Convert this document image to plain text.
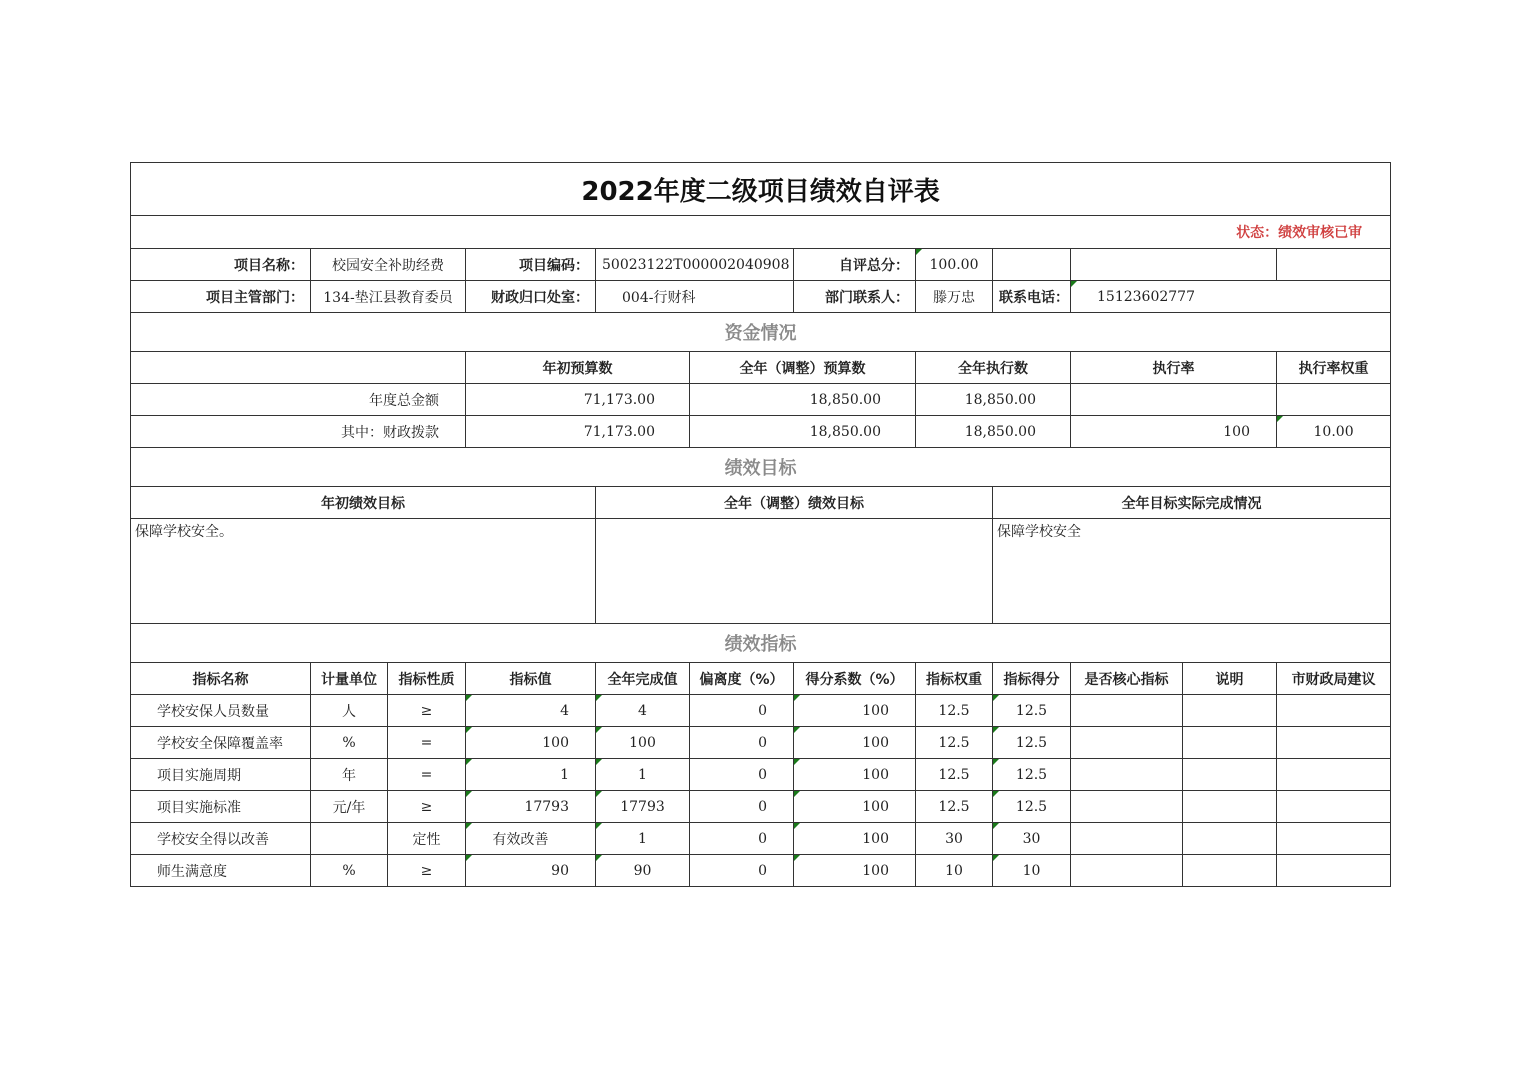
2022年度二级项目绩效自评表												
状态：绩效审核已审												
项目名称：	校园安全补助经费		项目编码：	50023122T000002040908		自评总分：	100.00					
项目主管部门：	134-垫江县教育委员		财政归口处室：	004-行财科		部门联系人：	滕万忠	联系电话：	15123602777			
资金情况												
			年初预算数		全年（调整）预算数		全年执行数		执行率		执行率权重	
年度总金额			71,173.00		18,850.00		18,850.00					
其中：财政拨款			71,173.00		18,850.00		18,850.00		100		10.00	
绩效目标												
年初绩效目标				全年（调整）绩效目标				全年目标实际完成情况				
保障学校安全。								保障学校安全				
绩效指标												
指标名称	计量单位	指标性质	指标值	全年完成值	偏离度（%）	得分系数（%）	指标权重	指标得分	是否核心指标	说明	市财政局建议	
学校安保人员数量	人	≥	4	4	0	100	12.5	12.5				
学校安全保障覆盖率	%	=	100	100	0	100	12.5	12.5				
项目实施周期	年	=	1	1	0	100	12.5	12.5				
项目实施标准	元/年	≥	17793	17793	0	100	12.5	12.5				
学校安全得以改善		定性	有效改善	1	0	100	30	30				
师生满意度	%	≥	90	90	0	100	10	10				
